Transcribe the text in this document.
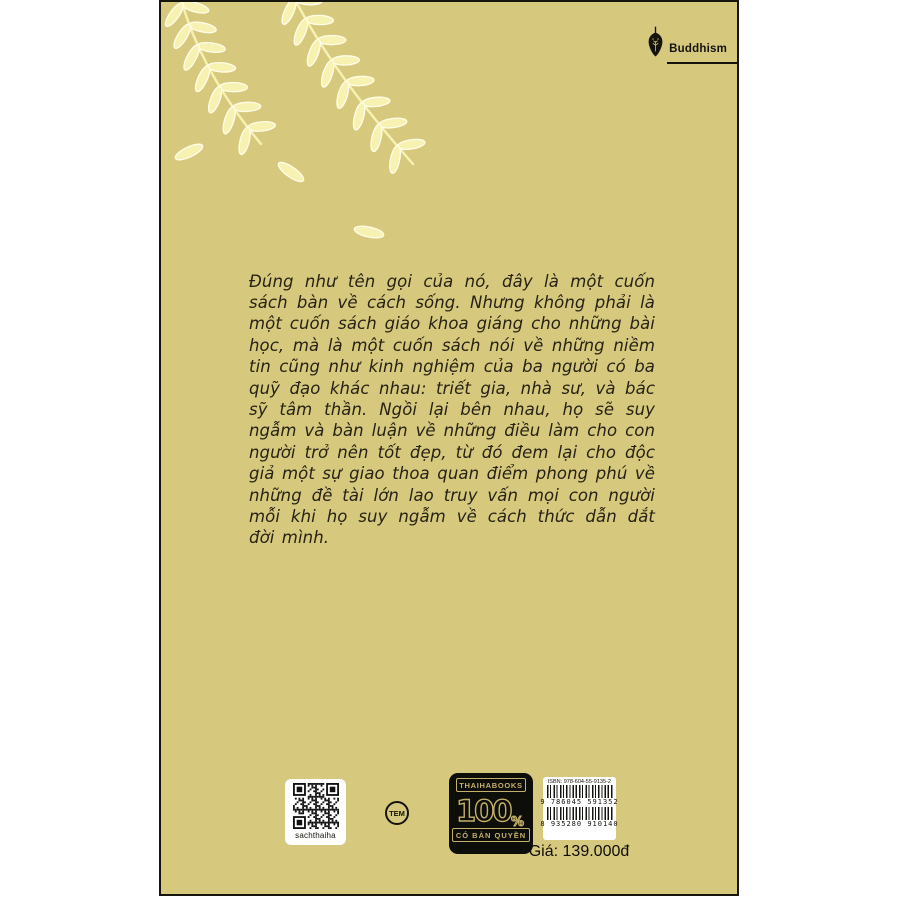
Buddhism

Đúng như tên gọi của nó, đây là một cuốn sách bàn về cách sống. Nhưng không phải là một cuốn sách giáo khoa giáng cho những bài học, mà là một cuốn sách nói về những niềm tin cũng như kinh nghiệm của ba người có ba quỹ đạo khác nhau: triết gia, nhà sư, và bác sỹ tâm thần. Ngồi lại bên nhau, họ sẽ suy ngẫm và bàn luận về những điều làm cho con người trở nên tốt đẹp, từ đó đem lại cho độc giả một sự giao thoa quan điểm phong phú về những đề tài lớn lao truy vấn mọi con người mỗi khi họ suy ngẫm về cách thức dẫn dắt đời mình.

sachthaiha
TEM
THAIHABOOKS
100 %
CÓ BẢN QUYỀN
ISBN: 978-604-55-9135-2
9 786045 591352
8 935280 910140
Giá: 139.000đ
